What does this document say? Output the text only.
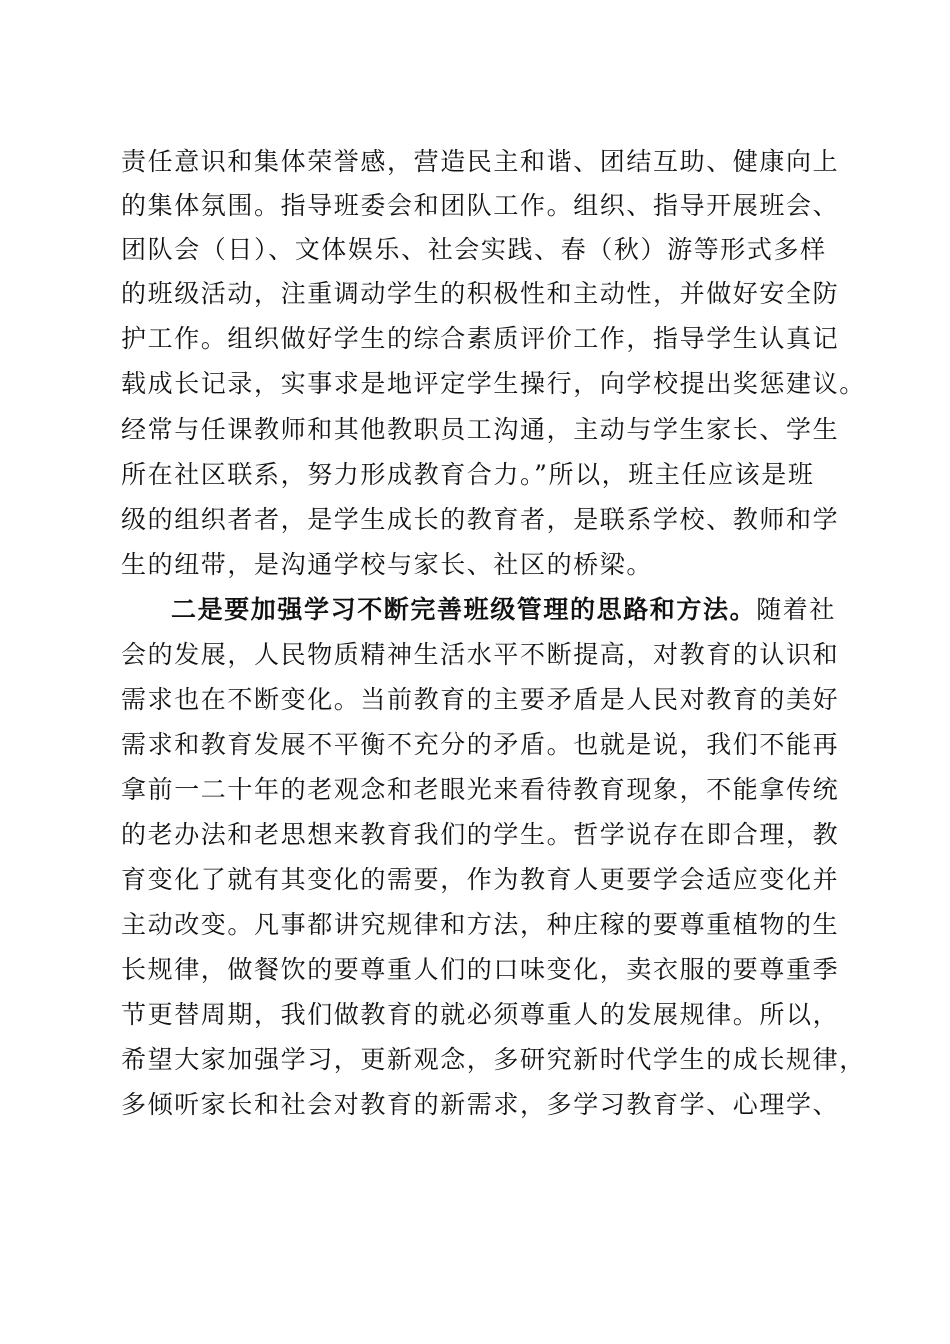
责任意识和集体荣誉感，营造民主和谐、团结互助、健康向上
的集体氛围。指导班委会和团队工作。组织、指导开展班会、
团队会（日）、文体娱乐、社会实践、春（秋）游等形式多样
的班级活动，注重调动学生的积极性和主动性，并做好安全防
护工作。组织做好学生的综合素质评价工作，指导学生认真记
载成长记录，实事求是地评定学生操行，向学校提出奖惩建议。
经常与任课教师和其他教职员工沟通，主动与学生家长、学生
所在社区联系，努力形成教育合力。”所以，班主任应该是班
级的组织者者，是学生成长的教育者，是联系学校、教师和学
生的纽带，是沟通学校与家长、社区的桥梁。
二是要加强学习不断完善班级管理的思路和方法。随着社
会的发展，人民物质精神生活水平不断提高，对教育的认识和
需求也在不断变化。当前教育的主要矛盾是人民对教育的美好
需求和教育发展不平衡不充分的矛盾。也就是说，我们不能再
拿前一二十年的老观念和老眼光来看待教育现象，不能拿传统
的老办法和老思想来教育我们的学生。哲学说存在即合理，教
育变化了就有其变化的需要，作为教育人更要学会适应变化并
主动改变。凡事都讲究规律和方法，种庄稼的要尊重植物的生
长规律，做餐饮的要尊重人们的口味变化，卖衣服的要尊重季
节更替周期，我们做教育的就必须尊重人的发展规律。所以，
希望大家加强学习，更新观念，多研究新时代学生的成长规律，
多倾听家长和社会对教育的新需求，多学习教育学、心理学、
